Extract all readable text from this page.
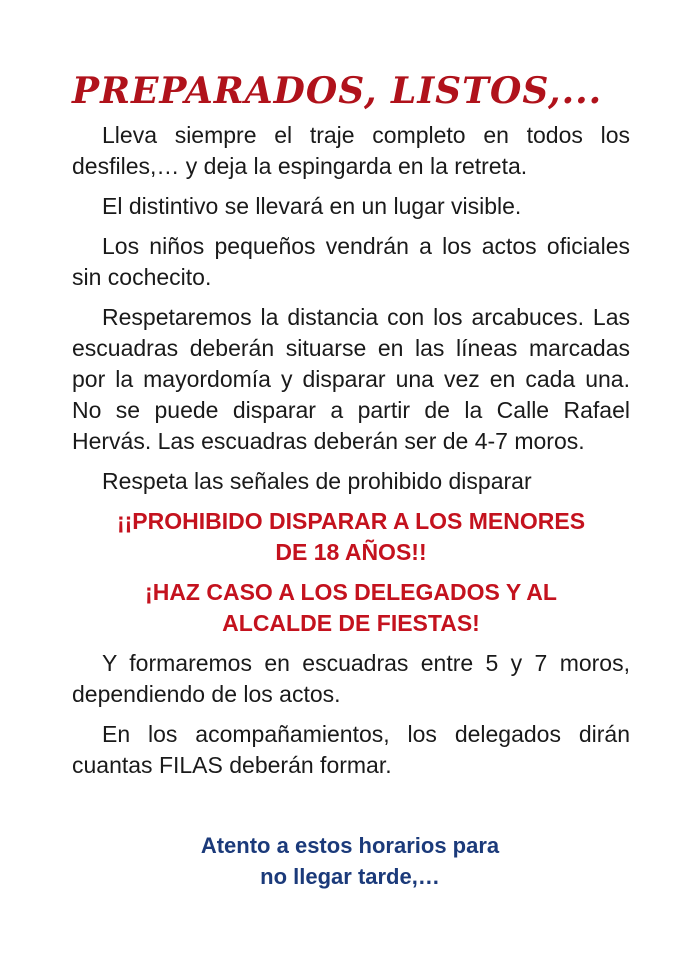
PREPARADOS, LISTOS,...

Lleva siempre el traje completo en todos los desfiles,… y deja la espingarda en la retreta.

El distintivo se llevará en un lugar visible.

Los niños pequeños vendrán a los actos oficiales sin cochecito.

Respetaremos la distancia con los arcabuces. Las escuadras deberán situarse en las líneas marcadas por la mayordomía y disparar una vez en cada una. No se puede disparar a partir de la Calle Rafael Hervás. Las escuadras deberán ser de 4-7 moros.

Respeta las señales de prohibido disparar

¡¡PROHIBIDO DISPARAR A LOS MENORES
DE 18 AÑOS!!

¡HAZ CASO A LOS DELEGADOS Y AL
ALCALDE DE FIESTAS!

Y formaremos en escuadras entre 5 y 7 moros, dependiendo de los actos.

En los acompañamientos, los delegados dirán cuantas FILAS deberán formar.

Atento a estos horarios para
no llegar tarde,…
